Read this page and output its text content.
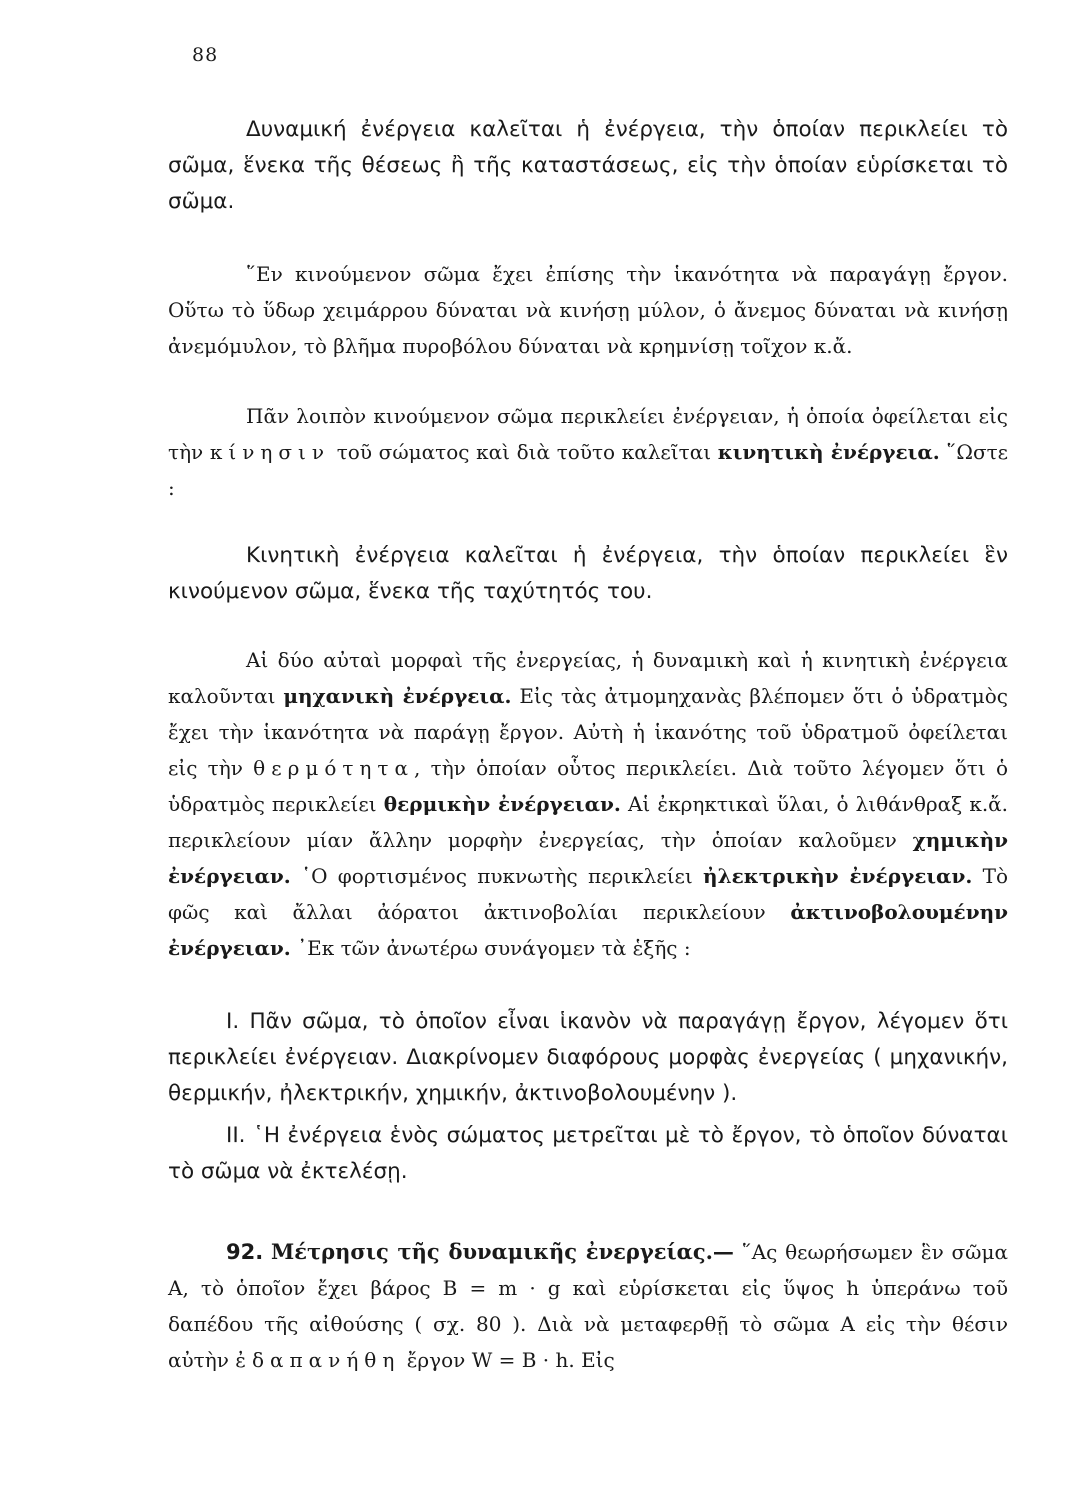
88

Δυναμική ἐνέργεια καλεῖται ἡ ἐνέργεια, τὴν ὁποίαν περικλείει τὸ σῶμα, ἕνεκα τῆς θέσεως ἢ τῆς καταστάσεως, εἰς τὴν ὁποίαν εὑρίσκεται τὸ σῶμα.

῞Εν κινούμενον σῶμα ἔχει ἐπίσης τὴν ἱκανότητα νὰ παραγάγῃ ἔργον. Οὕτω τὸ ὕδωρ χειμάρρου δύναται νὰ κινήσῃ μύλον, ὁ ἄνεμος δύναται νὰ κινήσῃ ἀνεμόμυλον, τὸ βλῆμα πυροβόλου δύναται νὰ κρημνίσῃ τοῖχον κ.ἄ.

Πᾶν λοιπὸν κινούμενον σῶμα περικλείει ἐνέργειαν, ἡ ὁποία ὀφείλεται εἰς τὴν κίνησιν τοῦ σώματος καὶ διὰ τοῦτο καλεῖται κινητικὴ ἐνέργεια. ῞Ωστε :

Κινητικὴ ἐνέργεια καλεῖται ἡ ἐνέργεια, τὴν ὁποίαν περικλείει ἓν κινούμενον σῶμα, ἕνεκα τῆς ταχύτητός του.

Αἱ δύο αὐταὶ μορφαὶ τῆς ἐνεργείας, ἡ δυναμικὴ καὶ ἡ κινητικὴ ἐνέργεια καλοῦνται μηχανικὴ ἐνέργεια. Εἰς τὰς ἀτμομηχανὰς βλέπομεν ὅτι ὁ ὑδρατμὸς ἔχει τὴν ἱκανότητα νὰ παράγῃ ἔργον. Αὐτὴ ἡ ἱκανότης τοῦ ὑδρατμοῦ ὀφείλεται εἰς τὴν θερμότητα, τὴν ὁποίαν οὗτος περικλείει. Διὰ τοῦτο λέγομεν ὅτι ὁ ὑδρατμὸς περικλείει θερμικὴν ἐνέργειαν. Αἱ ἐκρηκτικαὶ ὕλαι, ὁ λιθάνθραξ κ.ἄ. περικλείουν μίαν ἄλλην μορφὴν ἐνεργείας, τὴν ὁποίαν καλοῦμεν χημικὴν ἐνέργειαν. ῾Ο φορτισμένος πυκνωτὴς περικλείει ἠλεκτρικὴν ἐνέργειαν. Τὸ φῶς καὶ ἄλλαι ἀόρατοι ἀκτινοβολίαι περικλείουν ἀκτινοβολουμένην ἐνέργειαν. ᾿Εκ τῶν ἀνωτέρω συνάγομεν τὰ ἑξῆς :

Ι. Πᾶν σῶμα, τὸ ὁποῖον εἶναι ἱκανὸν νὰ παραγάγῃ ἔργον, λέγομεν ὅτι περικλείει ἐνέργειαν. Διακρίνομεν διαφόρους μορφὰς ἐνεργείας ( μηχανικήν, θερμικήν, ἠλεκτρικήν, χημικήν, ἀκτινοβολουμένην ).

ΙΙ. ῾Η ἐνέργεια ἑνὸς σώματος μετρεῖται μὲ τὸ ἔργον, τὸ ὁποῖον δύναται τὸ σῶμα νὰ ἐκτελέσῃ.

92. Μέτρησις τῆς δυναμικῆς ἐνεργείας.— ῞Ας θεωρήσωμεν ἓν σῶμα Α, τὸ ὁποῖον ἔχει βάρος Β = m · g καὶ εὑρίσκεται εἰς ὕψος h ὑπεράνω τοῦ δαπέδου τῆς αἰθούσης ( σχ. 80 ). Διὰ νὰ μεταφερθῇ τὸ σῶμα Α εἰς τὴν θέσιν αὐτὴν ἐδαπανήθη ἔργον W = B · h. Εἰς
